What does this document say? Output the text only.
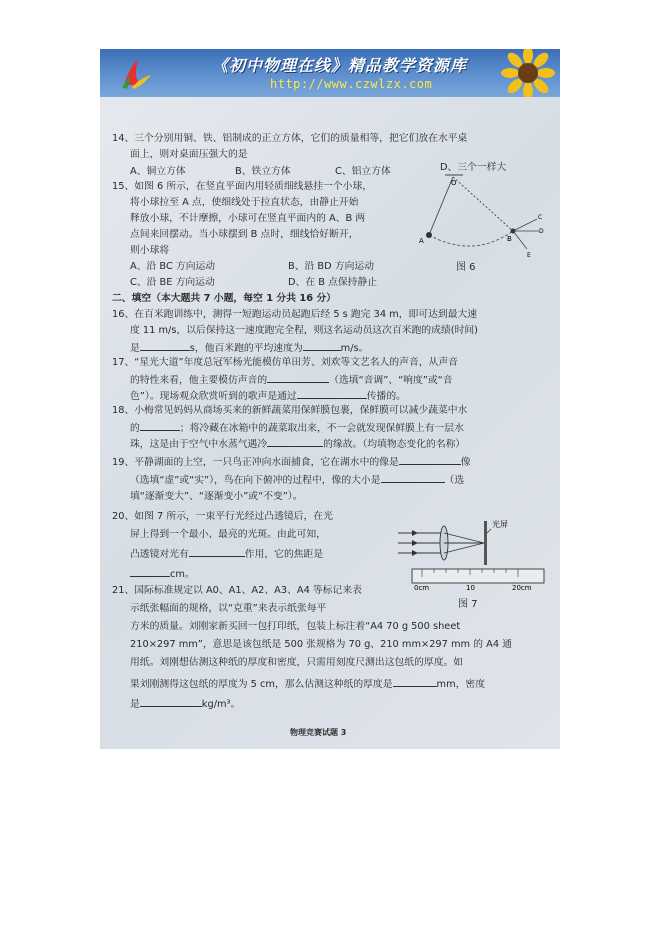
《初中物理在线》精品教学资源库
http://www.czwlzx.com
14、三个分别用铜、铁、铝制成的正立方体，它们的质量相等，把它们放在水平桌
面上，则对桌面压强大的是
A、铜立方体	B、铁立方体	C、铝立方体	D、三个一样大
15、如图 6 所示，在竖直平面内用轻质细线悬挂一个小球，
将小球拉至 A 点，使细线处于拉直状态，由静止开始
释放小球，不计摩擦，小球可在竖直平面内的 A、B 两
点间来回摆动。当小球摆到 B 点时，细线恰好断开，
则小球将
A、沿 BC 方向运动	B、沿 BD 方向运动
C、沿 BE 方向运动	D、在 B 点保持静止
O
A	B
C
D
E
图 6
二、填空（本大题共 7 小题，每空 1 分共 16 分）
16、在百米跑训练中，测得一短跑运动员起跑后经 5 s 跑完 34 m，即可达到最大速
度 11 m/s，以后保持这一速度跑完全程，则这名运动员这次百米跑的成绩(时间)
是	s，他百米跑的平均速度为	m/s。
17、“星光大道”年度总冠军杨光能模仿单田芳、刘欢等文艺名人的声音，从声音
的特性来看，他主要模仿声音的	（选填“音调”、“响度”或“音
色”）。现场观众欣赏听到的歌声是通过	传播的。
18、小梅常见妈妈从商场买来的新鲜蔬菜用保鲜膜包裹，保鲜膜可以减少蔬菜中水
的	；将冷藏在冰箱中的蔬菜取出来，不一会就发现保鲜膜上有一层水
珠，这是由于空气中水蒸气遇冷	的缘故。（均填物态变化的名称）
19、平静湖面的上空，一只鸟正冲向水面捕食，它在湖水中的像是	像
（选填“虚”或“实”），鸟在向下俯冲的过程中，像的大小是	（选
填“逐渐变大”、“逐渐变小”或“不变”）。
20、如图 7 所示，一束平行光经过凸透镜后，在光
屏上得到一个最小、最亮的光斑。由此可知，
凸透镜对光有	作用，它的焦距是
cm。
光屏
0cm	10	20cm
图 7
21、国际标准规定以 A0、A1、A2、A3、A4 等标记来表
示纸张幅面的规格，以“克重”来表示纸张每平
方米的质量。刘刚家新买回一包打印纸，包装上标注着“A4 70 g 500 sheet
210×297 mm”，意思是该包纸是 500 张规格为 70 g、210 mm×297 mm 的 A4 通
用纸。刘刚想估测这种纸的厚度和密度，只需用刻度尺测出这包纸的厚度。如
果刘刚测得这包纸的厚度为 5 cm，那么估测这种纸的厚度是	mm，密度
是	kg/m³。
物理竞赛试题 3
